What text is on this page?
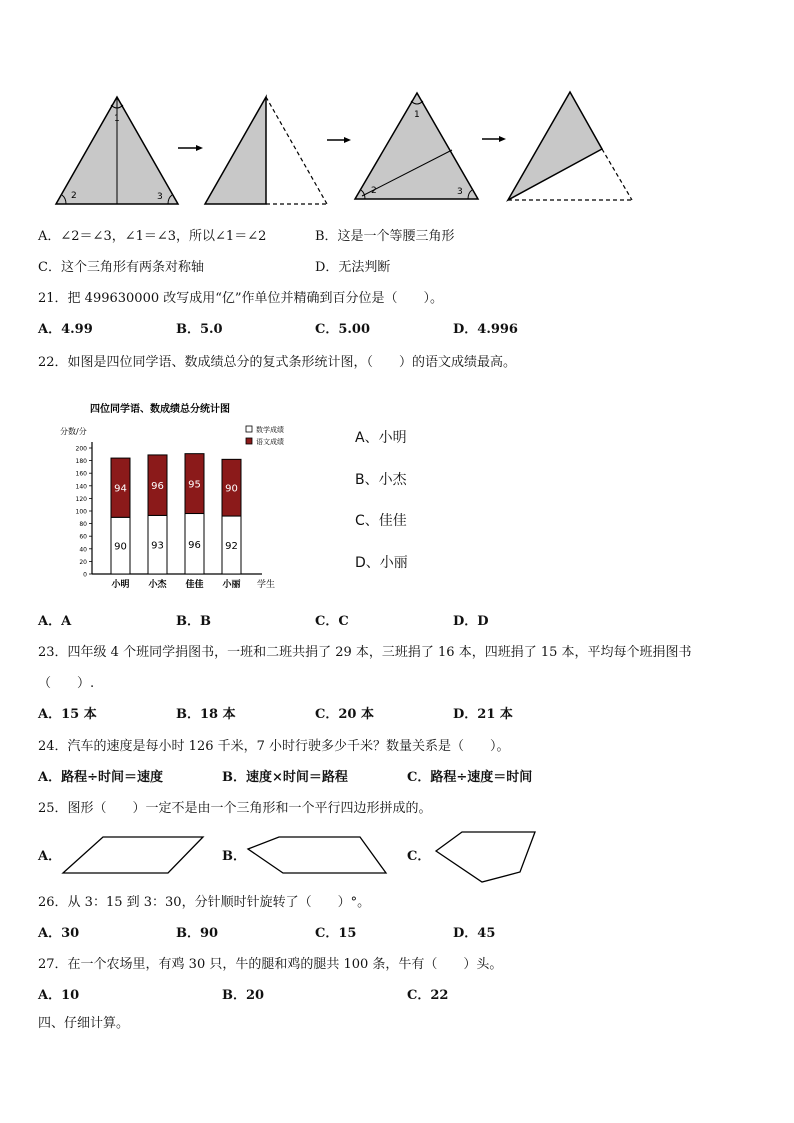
1
2	3
1
2	3
A．∠2＝∠3，∠1＝∠3，所以∠1＝∠2	B．这是一个等腰三角形
C．这个三角形有两条对称轴	D．无法判断
21．把 499630000 改写成用“亿”作单位并精确到百分位是（　　）。
A．4.99	B．5.0	C．5.00	D．4.996
22．如图是四位同学语、数成绩总分的复式条形统计图，（　　）的语文成绩最高。
四位同学语、数成绩总分统计图
分数/分
学生
0
20
40
60
80
100
120
140
160
180
200
90
94
小明
93
96
小杰
96
95
佳佳
92
90
小丽
数学成绩
语文成绩	A、小明
B、小杰
C、佳佳
D、小丽
A．A	B．B	C．C	D．D
23．四年级 4 个班同学捐图书，一班和二班共捐了 29 本，三班捐了 16 本，四班捐了 15 本，平均每个班捐图书
（　　）.
A．15 本	B．18 本	C．20 本	D．21 本
24．汽车的速度是每小时 126 千米，7 小时行驶多少千米？数量关系是（　　）。
A．路程÷时间＝速度	B．速度×时间＝路程	C．路程÷速度＝时间
25．图形（　　）一定不是由一个三角形和一个平行四边形拼成的。
A．	B．	C．
26．从 3：15 到 3：30，分针顺时针旋转了（　　）°。
A．30	B．90	C．15	D．45
27．在一个农场里，有鸡 30 只，牛的腿和鸡的腿共 100 条，牛有（　　）头。
A．10	B．20	C．22
四、仔细计算。
